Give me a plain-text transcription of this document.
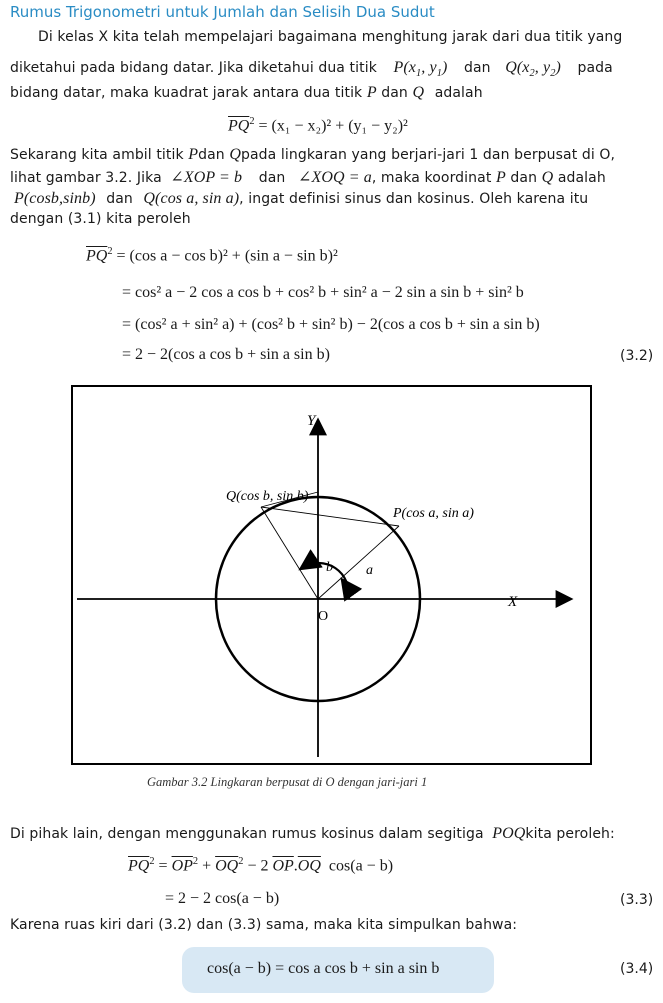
Rumus Trigonometri untuk Jumlah dan Selisih Dua Sudut
Di kelas X kita telah mempelajari bagaimana menghitung jarak dari dua titik yang
diketahui pada bidang datar. Jika diketahui dua titik $P(x_1$, $y_1$) dan $Q(x_2$, $y_2$) pada
bidang datar, maka kuadrat jarak antara dua titik P dan Q adalah
$\overline{PQ}^2 = (x_1 - x_2)^2 + (y_1 - y_2)^2$
Sekarang kita ambil titik Pdan Qpada lingkaran yang berjari-jari 1 dan berpusat di O,
lihat gambar 3.2. Jika ∠XOP = b dan ∠XOQ = a, maka koordinat P dan Q adalah
P(cosb,sinb) dan Q(cos a, sin a), ingat definisi sinus dan kosinus. Oleh karena itu
dengan (3.1) kita peroleh
$\overline{PQ}^2 = (\cos$ a − cos b)² + (sin a − sin b)²
= cos² a − 2 cos a cos b + cos² b + sin² a − 2 sin a sin b + sin² b
= (cos² a + sin² a) + (cos² b + sin² b) − 2(cos a cos b + sin a sin b)
= 2 − 2(cos a cos b + sin a sin b)	(3.2)
Y
X
O
Q(cos b, sin b)
P(cos a, sin a)
b a
Gambar 3.2 Lingkaran berpusat di O dengan jari-jari 1
Di pihak lain, dengan menggunakan rumus kosinus dalam segitiga POQkita peroleh:
$\overline{PQ}^2 = \overline{OP}^2 + \overline{OQ}^2 - 2$ $\overline{OP}.\overline{OQ}$ cos(a − b)
= 2 − 2 cos(a − b)	(3.3)
Karena ruas kiri dari (3.2) dan (3.3) sama, maka kita simpulkan bahwa:
cos(a − b) = cos a cos b + sin a sin b	(3.4)
